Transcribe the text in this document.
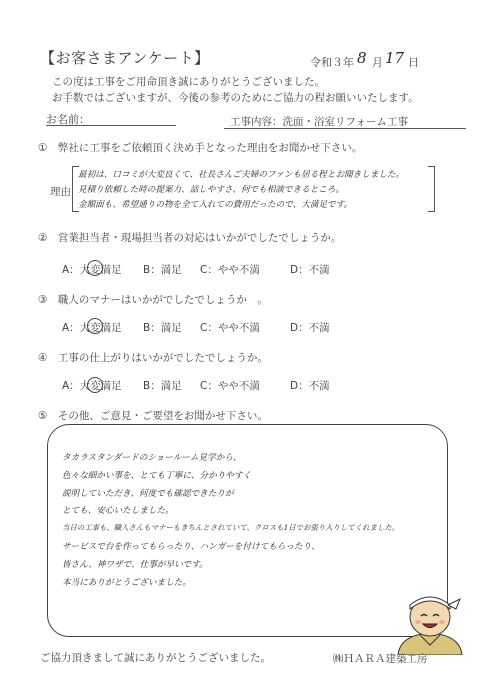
【お客さまアンケート】	令和３年 8 月 17 日
この度は工事をご用命頂き誠にありがとうございました。
お手数ではございますが、今後の参考のためにご協力の程お願いいたします。
お名前：	工事内容：洗面・浴室リフォーム工事
①　弊社に工事をご依頼頂く決め手となった理由をお聞かせ下さい。
理由
最初は、口コミが大変良くて、社長さんご夫婦のファンも居る程とお聞きしました。
見積り依頼した時の提案力、話しやすさ、何でも相談できるところ。
金額面も、希望通りの物を全て入れての費用だったので、大満足です。
②　営業担当者・現場担当者の対応はいかがでしたでしょうか。
A：大変満足 B：満足 C：やや不満	D：不満
③　職人のマナーはいかがでしたでしょうか　。
A：大変満足 B：満足 C：やや不満	D：不満
④　工事の仕上がりはいかがでしたでしょうか。
A：大変満足 B：満足 C：やや不満	D：不満
⑤　その他、ご意見・ご要望をお聞かせ下さい。
タカラスタンダードのショールーム見学から、
色々な細かい事を、とても丁寧に、分かりやすく
説明していただき、何度でも確認できたりが
とても、安心いたしました。
当日の工事も、職人さんもマナーもきちんとされていて、クロスも1日でお張り入りしてくれました。
サービスで台を作ってもらったり、ハンガーを付けてもらったり、
皆さん、神ワザで、仕事が早いです。
本当にありがとうございました。
ご協力頂きまして誠にありがとうございました。	㈱ＨＡＲＡ建築工房
